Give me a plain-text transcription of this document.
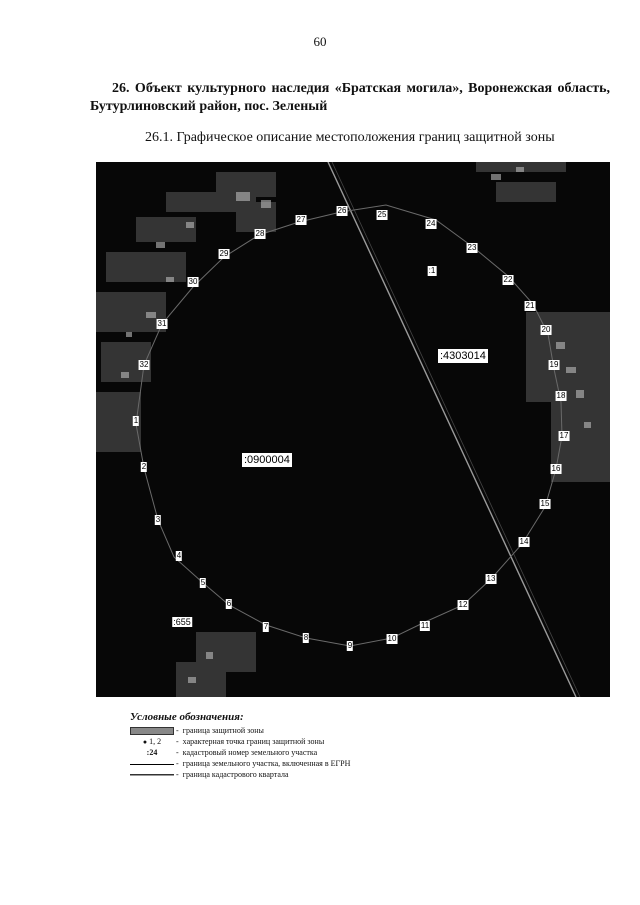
60
26. Объект культурного наследия «Братская могила», Воронежская область, Бутурлиновский район, пос. Зеленый
26.1. Графическое описание местоположения границ защитной зоны
:4303014
:0900004
:655
1
2
3
4
5
6
7
8
9
10
11
12
13
14
15
16
17
18
19
20
21
22
23
24
25
26
27
28
29
30
31
32
:1
Условные обозначения:
- граница защитной зоны
●
1, 2 - характерная точка границ защитной зоны
:24	- кадастровый номер земельного участка
- граница земельного участка, включенная в ЕГРН
- граница кадастрового квартала
